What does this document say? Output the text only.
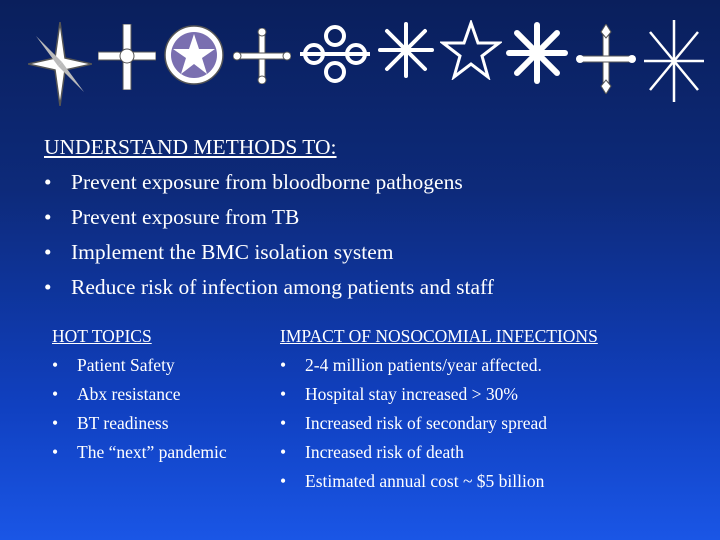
UNDERSTAND METHODS TO:
• Prevent exposure from bloodborne pathogens
• Prevent exposure from TB
• Implement the BMC isolation system
• Reduce risk of infection among patients and staff
HOT TOPICS
•	Patient Safety
•	Abx resistance
•	BT readiness
•	The “next” pandemic
IMPACT OF NOSOCOMIAL INFECTIONS
•	2-4 million patients/year affected.
•	Hospital stay increased > 30%
•	Increased risk of secondary spread
•	Increased risk of death
•	Estimated annual cost ~ $5 billion
